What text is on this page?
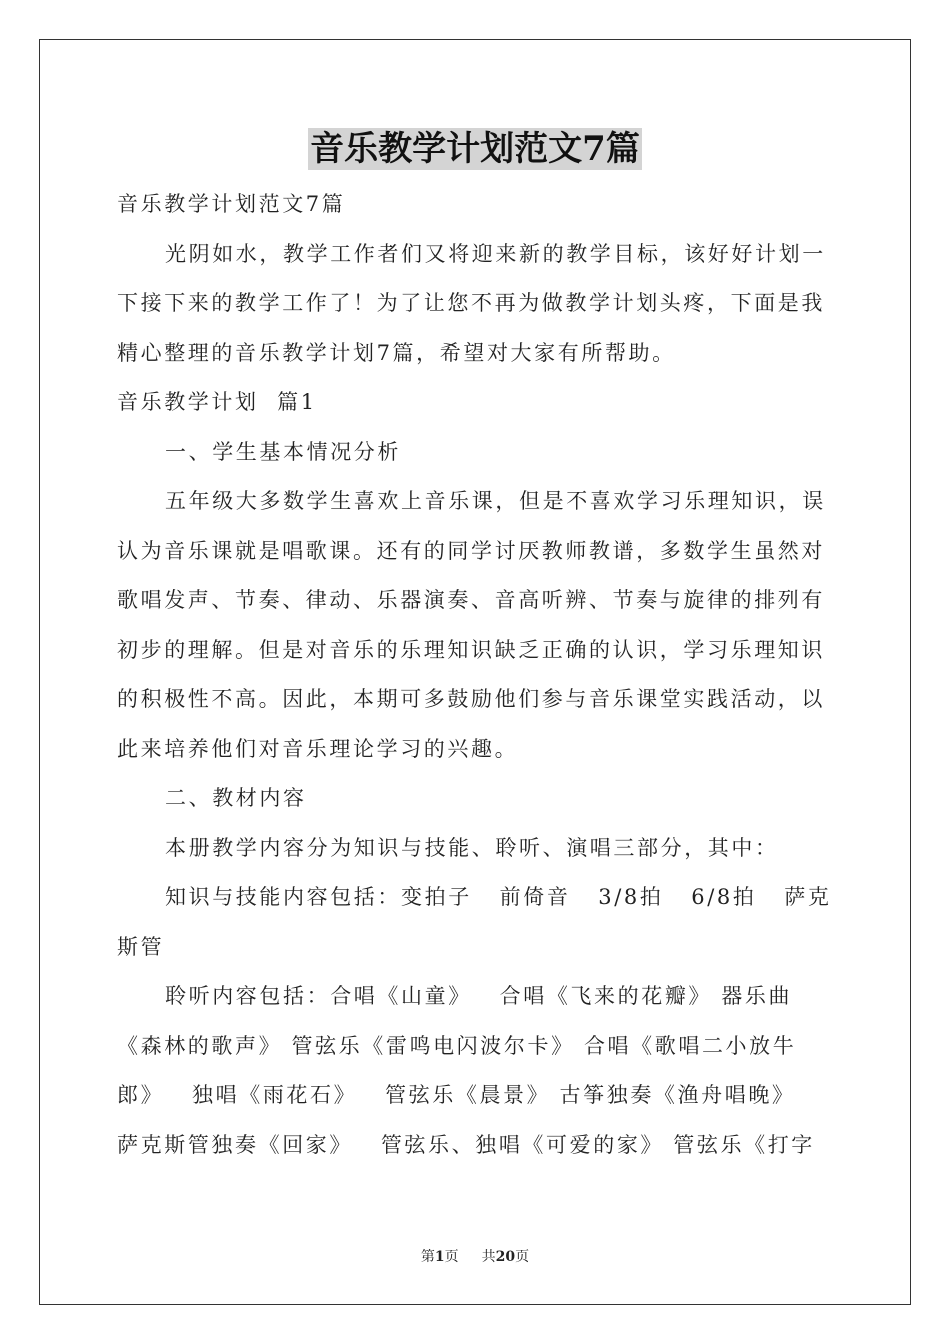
音乐教学计划范文7篇
音乐教学计划范文7篇
光阴如水，教学工作者们又将迎来新的教学目标，该好好计划一
下接下来的教学工作了！为了让您不再为做教学计划头疼，下面是我
精心整理的音乐教学计划7篇，希望对大家有所帮助。
音乐教学计划  篇1
一、学生基本情况分析
五年级大多数学生喜欢上音乐课，但是不喜欢学习乐理知识，误
认为音乐课就是唱歌课。还有的同学讨厌教师教谱，多数学生虽然对
歌唱发声、节奏、律动、乐器演奏、音高听辨、节奏与旋律的排列有
初步的理解。但是对音乐的乐理知识缺乏正确的认识，学习乐理知识
的积极性不高。因此，本期可多鼓励他们参与音乐课堂实践活动，以
此来培养他们对音乐理论学习的兴趣。
二、教材内容
本册教学内容分为知识与技能、聆听、演唱三部分，其中：
知识与技能内容包括：变拍子   前倚音   3/8拍   6/8拍   萨克
斯管
聆听内容包括：合唱《山童》   合唱《飞来的花瓣》 器乐曲
《森林的歌声》 管弦乐《雷鸣电闪波尔卡》 合唱《歌唱二小放牛
郎》   独唱《雨花石》   管弦乐《晨景》 古筝独奏《渔舟唱晚》
萨克斯管独奏《回家》   管弦乐、独唱《可爱的家》 管弦乐《打字
第1页 共20页
